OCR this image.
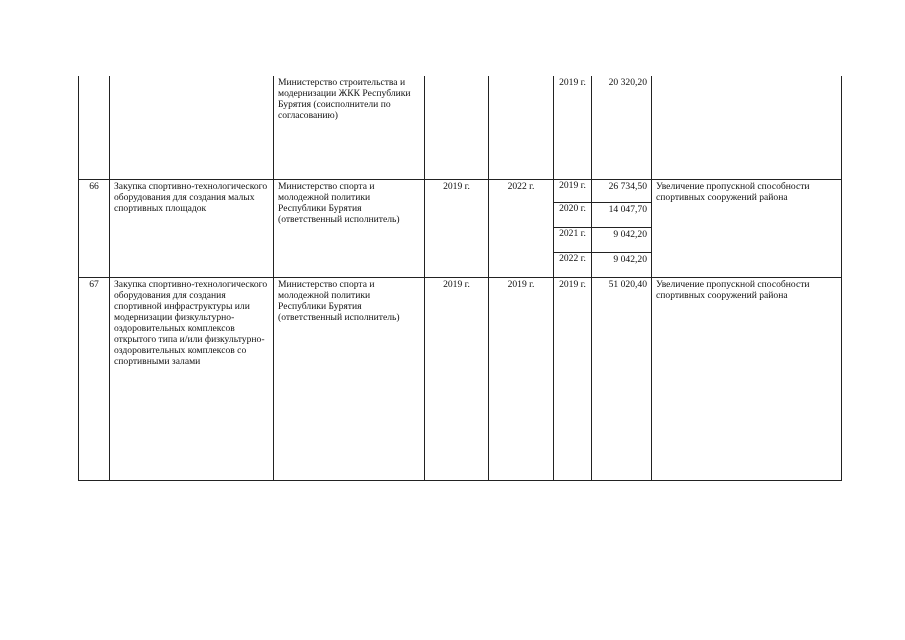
		Министерство строительства и модернизации ЖКК Республики Бурятия (соисполнители по согласованию)			2019 г.	20 320,20	
66	Закупка спортивно-технологического оборудования для создания малых спортивных площадок	Министерство спорта и молодежной политики Республики Бурятия (ответственный исполнитель)	2019 г.	2022 г.	2019 г.	26 734,50	Увеличение пропускной способности спортивных сооружений района
					2020 г.	14 047,70	
					2021 г.	9 042,20	
					2022 г.	9 042,20	
67	Закупка спортивно-технологического оборудования для создания спортивной инфраструктуры или модернизации физкультурно-оздоровительных комплексов открытого типа и/или физкультурно-оздоровительных комплексов со спортивными залами	Министерство спорта и молодежной политики Республики Бурятия (ответственный исполнитель)	2019 г.	2019 г.	2019 г.	51 020,40	Увеличение пропускной способности спортивных сооружений района
